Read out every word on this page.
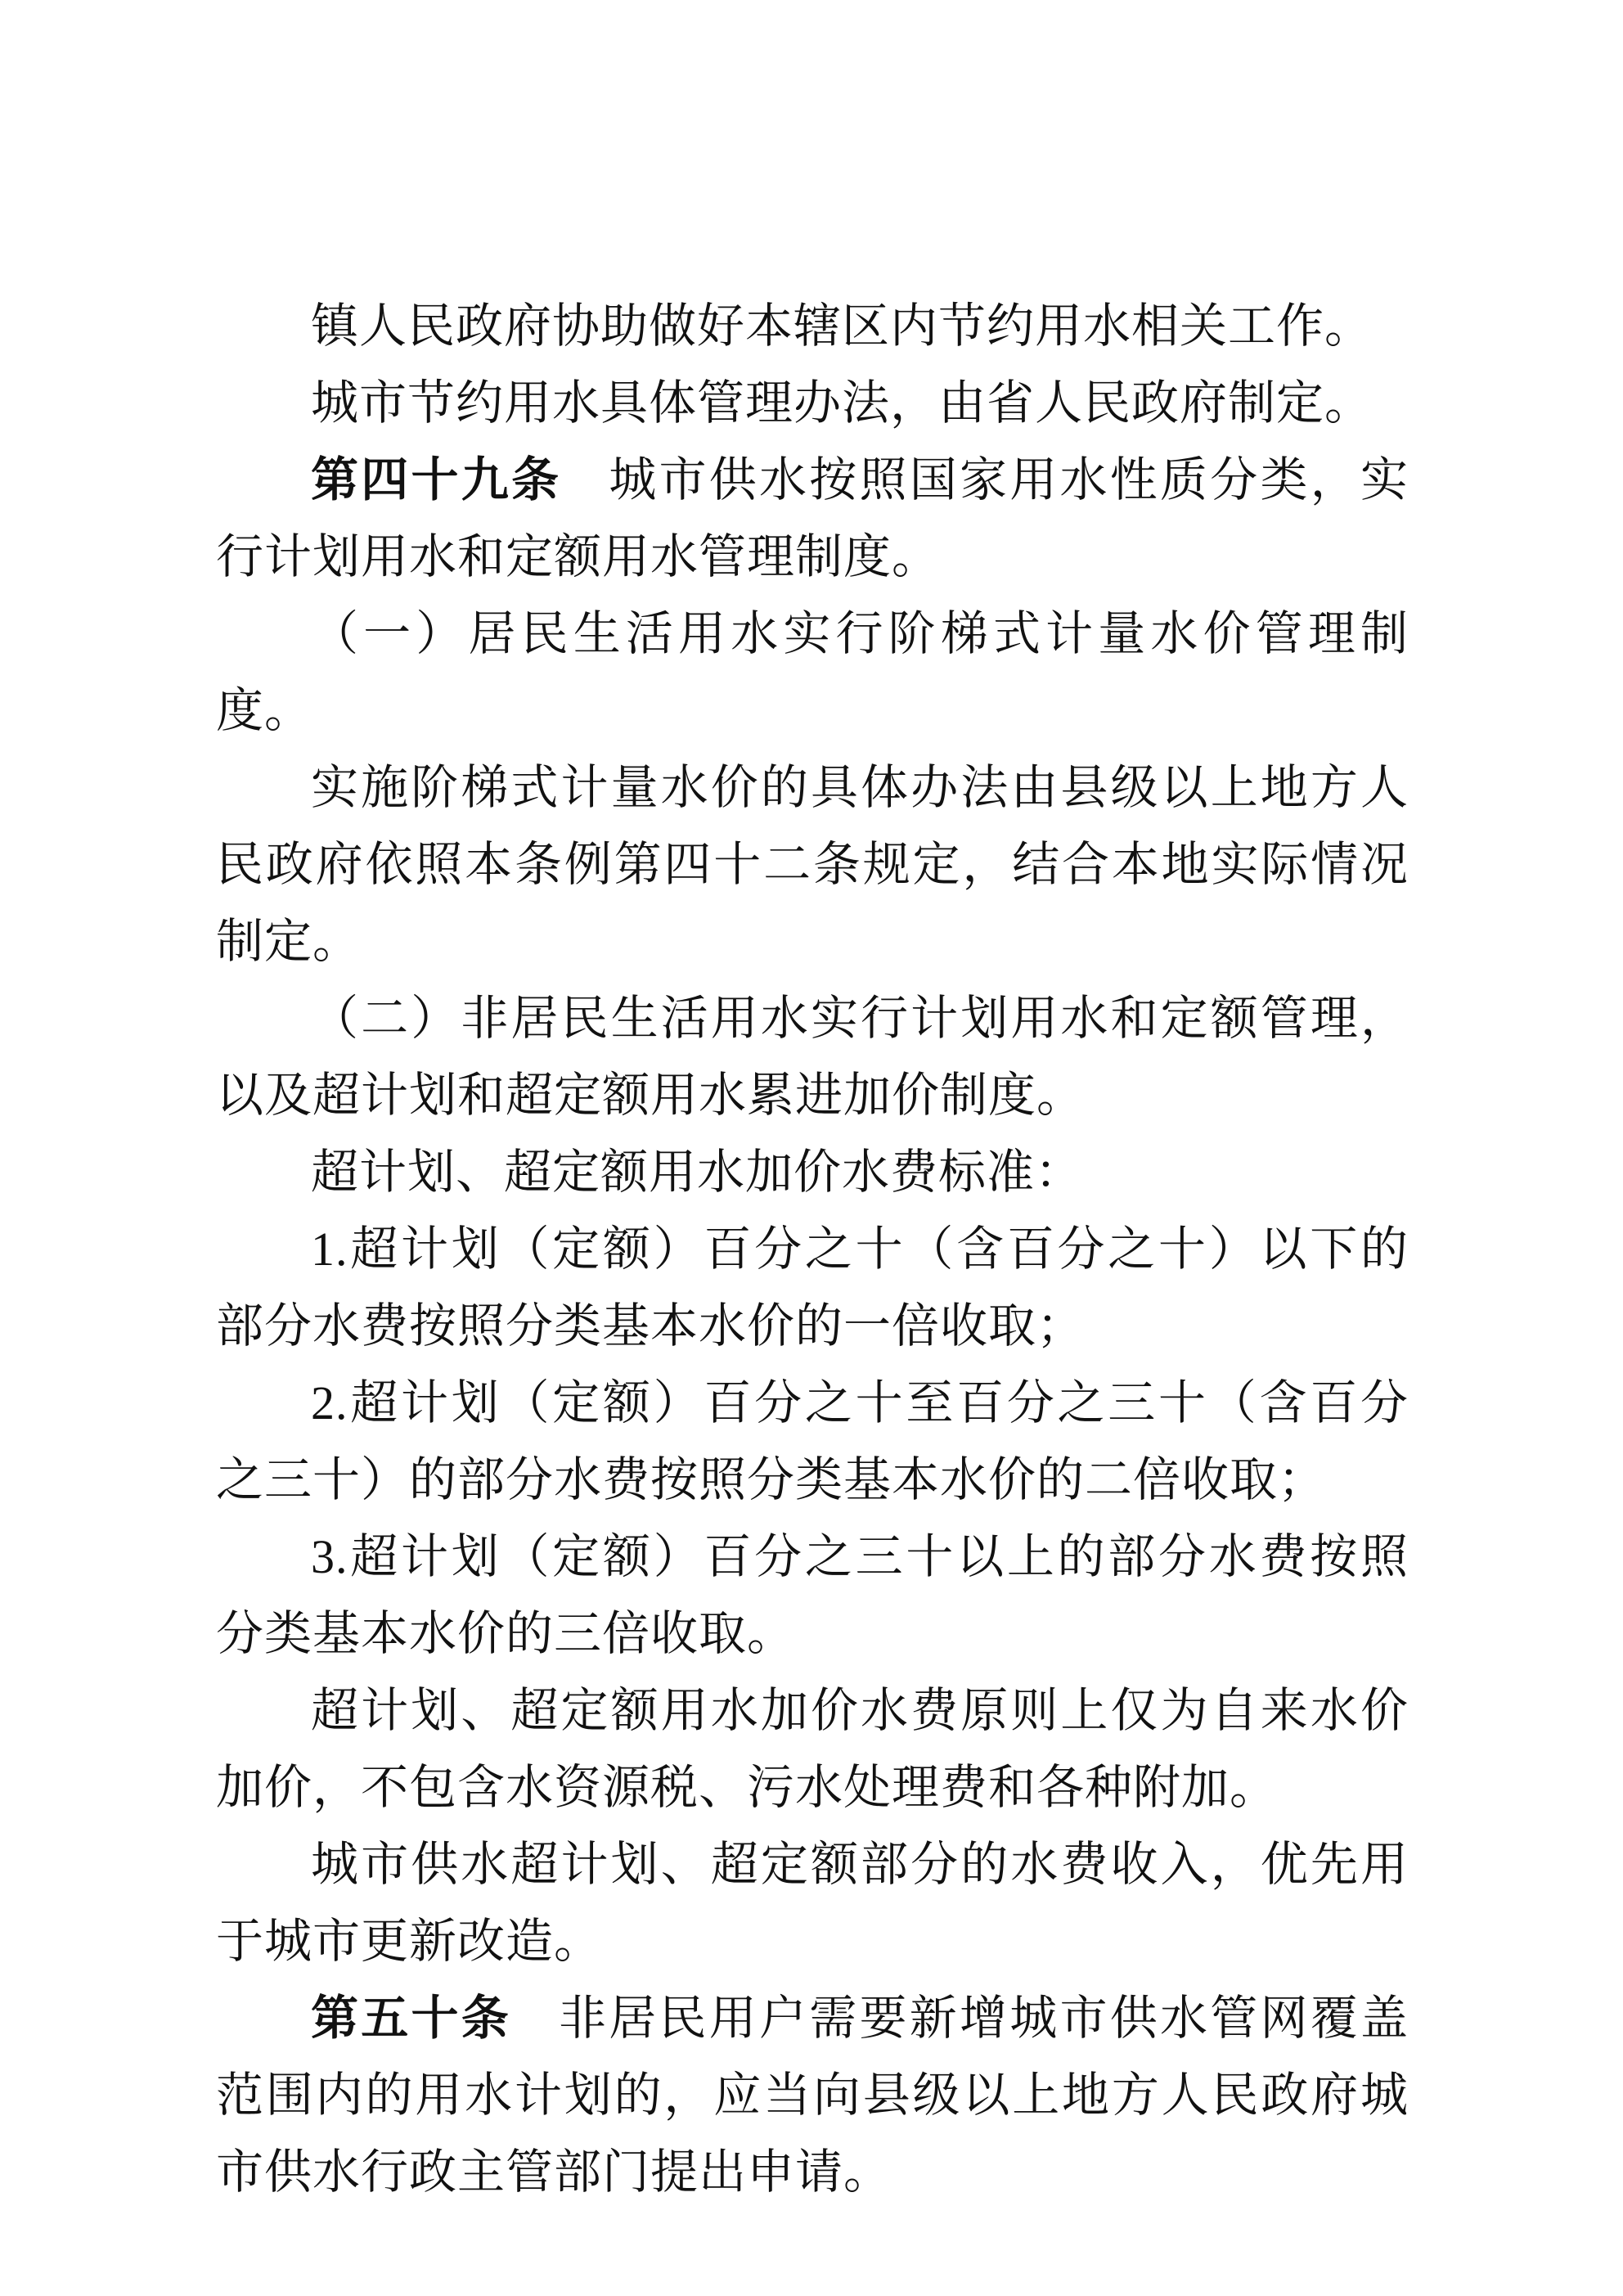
镇人民政府协助做好本辖区内节约用水相关工作。

城市节约用水具体管理办法，由省人民政府制定。

第四十九条 城市供水按照国家用水性质分类，实行计划用水和定额用水管理制度。

（一）居民生活用水实行阶梯式计量水价管理制度。

实施阶梯式计量水价的具体办法由县级以上地方人民政府依照本条例第四十二条规定，结合本地实际情况制定。

（二）非居民生活用水实行计划用水和定额管理，以及超计划和超定额用水累进加价制度。

超计划、超定额用水加价水费标准：

1.超计划（定额）百分之十（含百分之十）以下的部分水费按照分类基本水价的一倍收取；

2.超计划（定额）百分之十至百分之三十（含百分之三十）的部分水费按照分类基本水价的二倍收取；

3.超计划（定额）百分之三十以上的部分水费按照分类基本水价的三倍收取。

超计划、超定额用水加价水费原则上仅为自来水价加价，不包含水资源税、污水处理费和各种附加。

城市供水超计划、超定额部分的水费收入，优先用于城市更新改造。

第五十条 非居民用户需要新增城市供水管网覆盖范围内的用水计划的，应当向县级以上地方人民政府城市供水行政主管部门提出申请。
